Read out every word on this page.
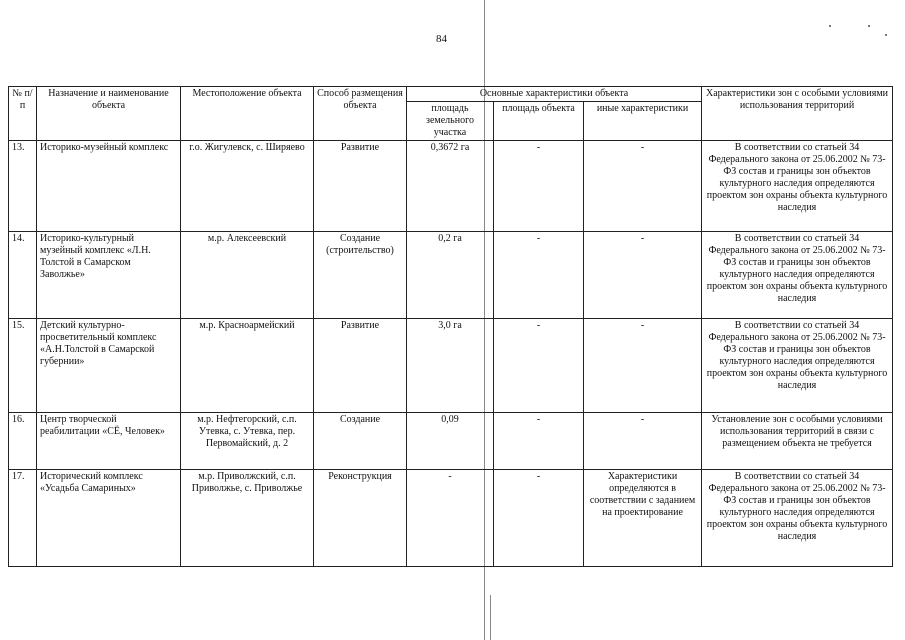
84
№ п/п	Назначение и наименование объекта	Местоположение объекта	Способ размещения объекта	Основные характеристики объекта			Характеристики зон с особыми условиями использования территорий
				площадь земельного участка	площадь объекта	иные характеристики	
13.	Историко-музейный комплекс	г.о. Жигулевск, с. Ширяево	Развитие	0,3672 га	-	-	В соответствии со статьей 34 Федерального закона от 25.06.2002 № 73-ФЗ состав и границы зон объектов культурного наследия определяются проектом зон охраны объекта культурного наследия
14.	Историко-культурный музейный комплекс «Л.Н. Толстой в Самарском Заволжье»	м.р. Алексеевский	Создание (строительство)	0,2 га	-	-	В соответствии со статьей 34 Федерального закона от 25.06.2002 № 73-ФЗ состав и границы зон объектов культурного наследия определяются проектом зон охраны объекта культурного наследия
15.	Детский культурно-просветительный комплекс «А.Н.Толстой в Самарской губернии»	м.р. Красноармейский	Развитие	3,0 га	-	-	В соответствии со статьей 34 Федерального закона от 25.06.2002 № 73-ФЗ состав и границы зон объектов культурного наследия определяются проектом зон охраны объекта культурного наследия
16.	Центр творческой реабилитации «СЁ, Человек»	м.р. Нефтегорский, с.п. Утевка, с. Утевка, пер. Первомайский, д. 2	Создание	0,09	-	-	Установление зон с особыми условиями использования территорий в связи с размещением объекта не требуется
17.	Исторический комплекс «Усадьба Самариных»	м.р. Приволжский, с.п. Приволжье, с. Приволжье	Реконструкция	-	-	Характеристики определяются в соответствии с заданием на проектирование	В соответствии со статьей 34 Федерального закона от 25.06.2002 № 73-ФЗ состав и границы зон объектов культурного наследия определяются проектом зон охраны объекта культурного наследия
